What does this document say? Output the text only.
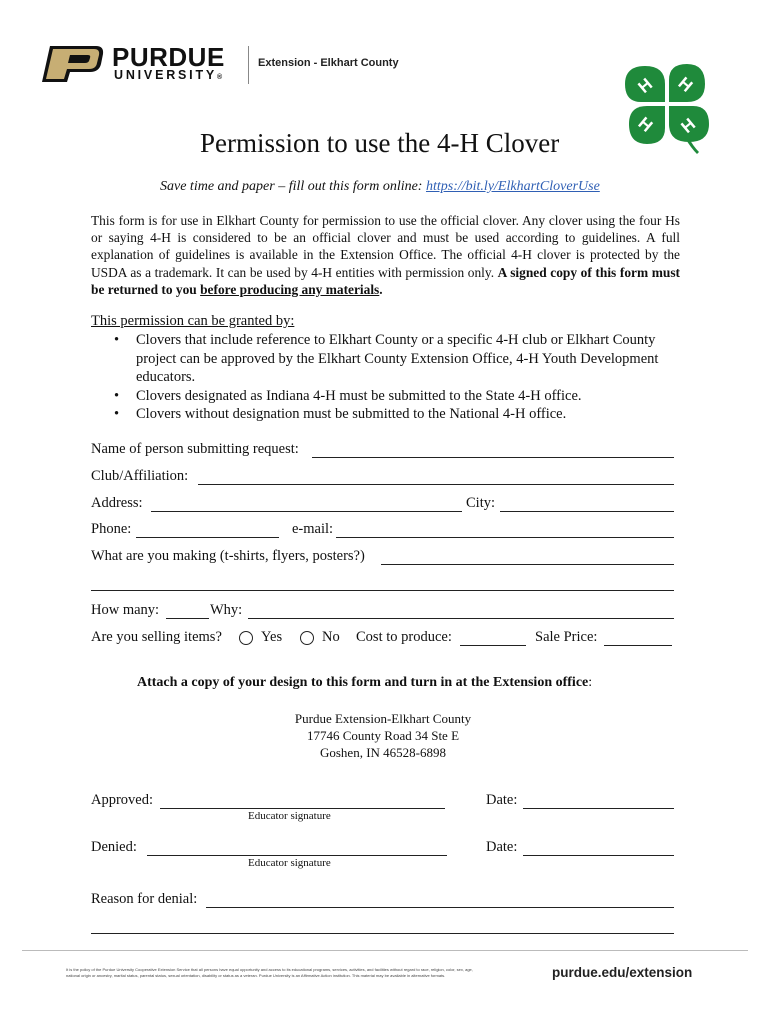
PURDUE
UNIVERSITY®
Extension - Elkhart County
H H
H
H
Permission to use the 4-H Clover
Save time and paper – fill out this form online: https://bit.ly/ElkhartCloverUse

This form is for use in Elkhart County for permission to use the official clover. Any clover using the four Hs or saying 4-H is considered to be an official clover and must be used according to guidelines. A full explanation of guidelines is available in the Extension Office. The official 4-H clover is protected by the USDA as a trademark. It can be used by 4-H entities with permission only. A signed copy of this form must be returned to you before producing any materials.

This permission can be granted by:
• Clovers that include reference to Elkhart County or a specific 4-H club or Elkhart County project can be approved by the Elkhart County Extension Office, 4-H Youth Development educators.
• Clovers designated as Indiana 4-H must be submitted to the State 4-H office.
• Clovers without designation must be submitted to the National 4-H office.
Name of person submitting request:
Club/Affiliation:
Address:	City:
Phone:	e-mail:
What are you making (t-shirts, flyers, posters?)
How many:	Why:
Are you selling items?	Yes	No Cost to produce:	Sale Price:
Attach a copy of your design to this form and turn in at the Extension office:
Purdue Extension-Elkhart County
17746 County Road 34 Ste E
Goshen, IN 46528-6898
Approved:
Educator signature
Date:
Denied:
Educator signature
Date:
Reason for denial:
It is the policy of the Purdue University Cooperative Extension Service that all persons have equal opportunity and access to its educational programs, services, activities, and facilities without regard to race, religion, color, sex, age,
national origin or ancestry, marital status, parental status, sexual orientation, disability or status as a veteran. Purdue University is an Affirmative Action institution. This material may be available in alternative formats.	purdue.edu/extension
